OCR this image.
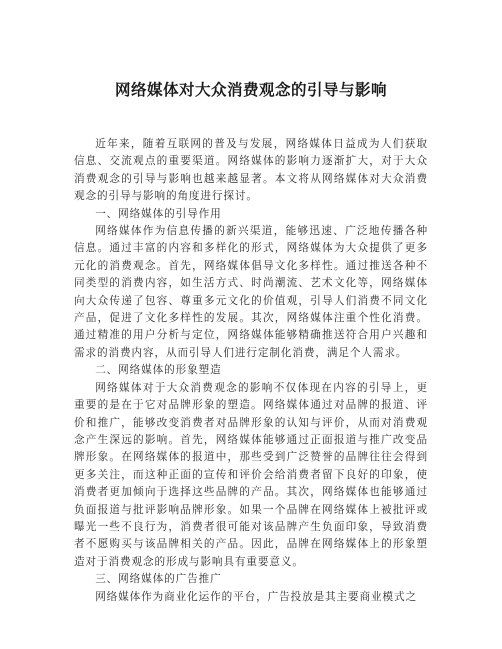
网络媒体对大众消费观念的引导与影响

近年来，随着互联网的普及与发展，网络媒体日益成为人们获取信息、交流观点的重要渠道。网络媒体的影响力逐渐扩大，对于大众消费观念的引导与影响也越来越显著。本文将从网络媒体对大众消费观念的引导与影响的角度进行探讨。

一、网络媒体的引导作用

网络媒体作为信息传播的新兴渠道，能够迅速、广泛地传播各种信息。通过丰富的内容和多样化的形式，网络媒体为大众提供了更多元化的消费观念。首先，网络媒体倡导文化多样性。通过推送各种不同类型的消费内容，如生活方式、时尚潮流、艺术文化等，网络媒体向大众传递了包容、尊重多元文化的价值观，引导人们消费不同文化产品，促进了文化多样性的发展。其次，网络媒体注重个性化消费。通过精准的用户分析与定位，网络媒体能够精确推送符合用户兴趣和需求的消费内容，从而引导人们进行定制化消费，满足个人需求。

二、网络媒体的形象塑造

网络媒体对于大众消费观念的影响不仅体现在内容的引导上，更重要的是在于它对品牌形象的塑造。网络媒体通过对品牌的报道、评价和推广，能够改变消费者对品牌形象的认知与评价，从而对消费观念产生深远的影响。首先，网络媒体能够通过正面报道与推广改变品牌形象。在网络媒体的报道中，那些受到广泛赞誉的品牌往往会得到更多关注，而这种正面的宣传和评价会给消费者留下良好的印象，使消费者更加倾向于选择这些品牌的产品。其次，网络媒体也能够通过负面报道与批评影响品牌形象。如果一个品牌在网络媒体上被批评或曝光一些不良行为，消费者很可能对该品牌产生负面印象，导致消费者不愿购买与该品牌相关的产品。因此，品牌在网络媒体上的形象塑造对于消费观念的形成与影响具有重要意义。

三、网络媒体的广告推广

网络媒体作为商业化运作的平台，广告投放是其主要商业模式之
